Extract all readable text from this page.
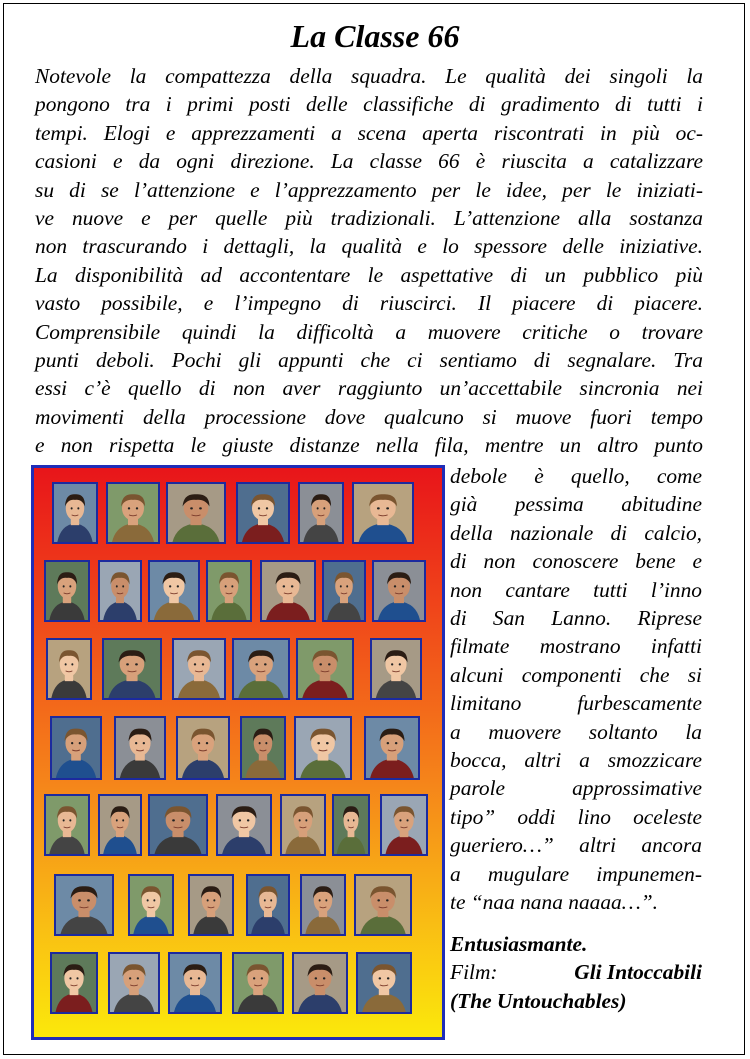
La Classe 66
Notevole la compattezza della squadra. Le qualità dei singoli la
pongono tra i primi posti delle classifiche di gradimento di tutti i
tempi. Elogi e apprezzamenti a scena aperta riscontrati in più oc-
casioni e da ogni direzione. La classe 66 è riuscita a catalizzare
su di se l’attenzione e l’apprezzamento per le idee, per le iniziati-
ve nuove e per quelle più tradizionali. L’attenzione alla sostanza
non trascurando i dettagli, la qualità e lo spessore delle iniziative.
La disponibilità ad accontentare le aspettative di un pubblico più
vasto possibile, e l’impegno di riuscirci. Il piacere di piacere.
Comprensibile quindi la difficoltà a muovere critiche o trovare
punti deboli. Pochi gli appunti che ci sentiamo di segnalare. Tra
essi c’è quello di non aver raggiunto un’accettabile sincronia nei
movimenti della processione dove qualcuno si muove fuori tempo
e non rispetta le giuste distanze nella fila, mentre un altro punto
debole è quello, come
già pessima abitudine
della nazionale di calcio,
di non conoscere bene e
non cantare tutti l’inno
di San Lanno. Riprese
filmate mostrano infatti
alcuni componenti che si
limitano furbescamente
a muovere soltanto la
bocca, altri a smozzicare
parole approssimative
tipo” oddi lino oceleste
gueriero…” altri ancora
a mugulare impunemen-
te “naa nana naaaa…”.
Entusiasmante.
Film:	Gli Intoccabili
(The Untouchables)
